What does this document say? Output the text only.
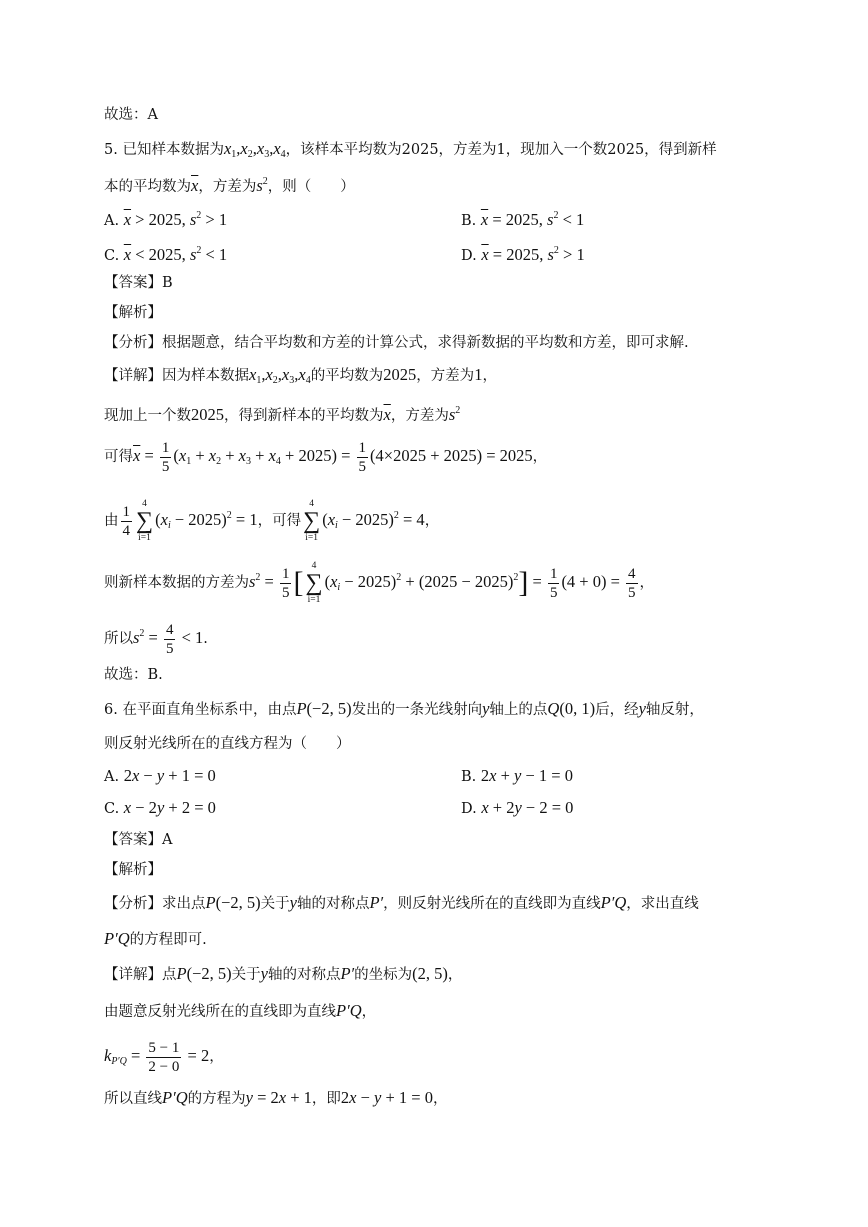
故选：A
5. 已知样本数据为$x_1,x_2,x_3,x_4$，该样本平均数为2025，方差为1，现加入一个数2025，得到新样
本的平均数为$\overline{x}$，方差为$s^2$，则（　　）
A. $\overline{x} > 2025$, $s^2 > 1$	B. $\overline{x} = 2025$, $s^2 < 1$
C. $\overline{x} < 2025$, $s^2 < 1$	D. $\overline{x} = 2025$, $s^2 > 1$
【答案】B
【解析】
【分析】根据题意，结合平均数和方差的计算公式，求得新数据的平均数和方差，即可求解.
【详解】因为样本数据$x_1,x_2,x_3,x_4$的平均数为2025，方差为1，
现加上一个数2025，得到新样本的平均数为$\overline{x}$，方差为$s^2$
可得$\overline{x} = \frac{1}{5} (x_1 + x_2 + x_3 + x_4 + 2025) = \frac{1}{5} (4\times 2025 + 2025) = 2025$，
由 $\frac{1}{4}$	4
∑
i=1
$(x_i - 2025)^2 = 1$，可得
4
∑
i=1
$(x_i - 2025)^2 = 4$，
则新样本数据的方差为$s^2 = \frac{1}{5}$ [ 4
∑
i=1
$(x_i - 2025)^2 + (2025 - 2025)^2] = \frac{1}{5} (4 + 0) = \frac{4}{5}$ ，
所以$s^2 = \frac{4}{5} < 1$.
故选：B.
6. 在平面直角坐标系中，由点P(−2, 5)发出的一条光线射向y轴上的点Q(0, 1)后，经y轴反射，
则反射光线所在的直线方程为（　　）
A. 2x − y + 1 = 0	B. 2x + y − 1 = 0
C. x − 2y + 2 = 0	D. x + 2y − 2 = 0
【答案】A
【解析】
【分析】求出点P(−2, 5)关于y轴的对称点P′，则反射光线所在的直线即为直线P′Q，求出直线
P′Q的方程即可.
【详解】点P(−2, 5)关于y轴的对称点P′的坐标为(2, 5)，
由题意反射光线所在的直线即为直线P′Q，
$k_{P'Q} = \frac{5 - 1}{2 - 0} = 2$，
所以直线P′Q的方程为y = 2x + 1，即2x − y + 1 = 0，
